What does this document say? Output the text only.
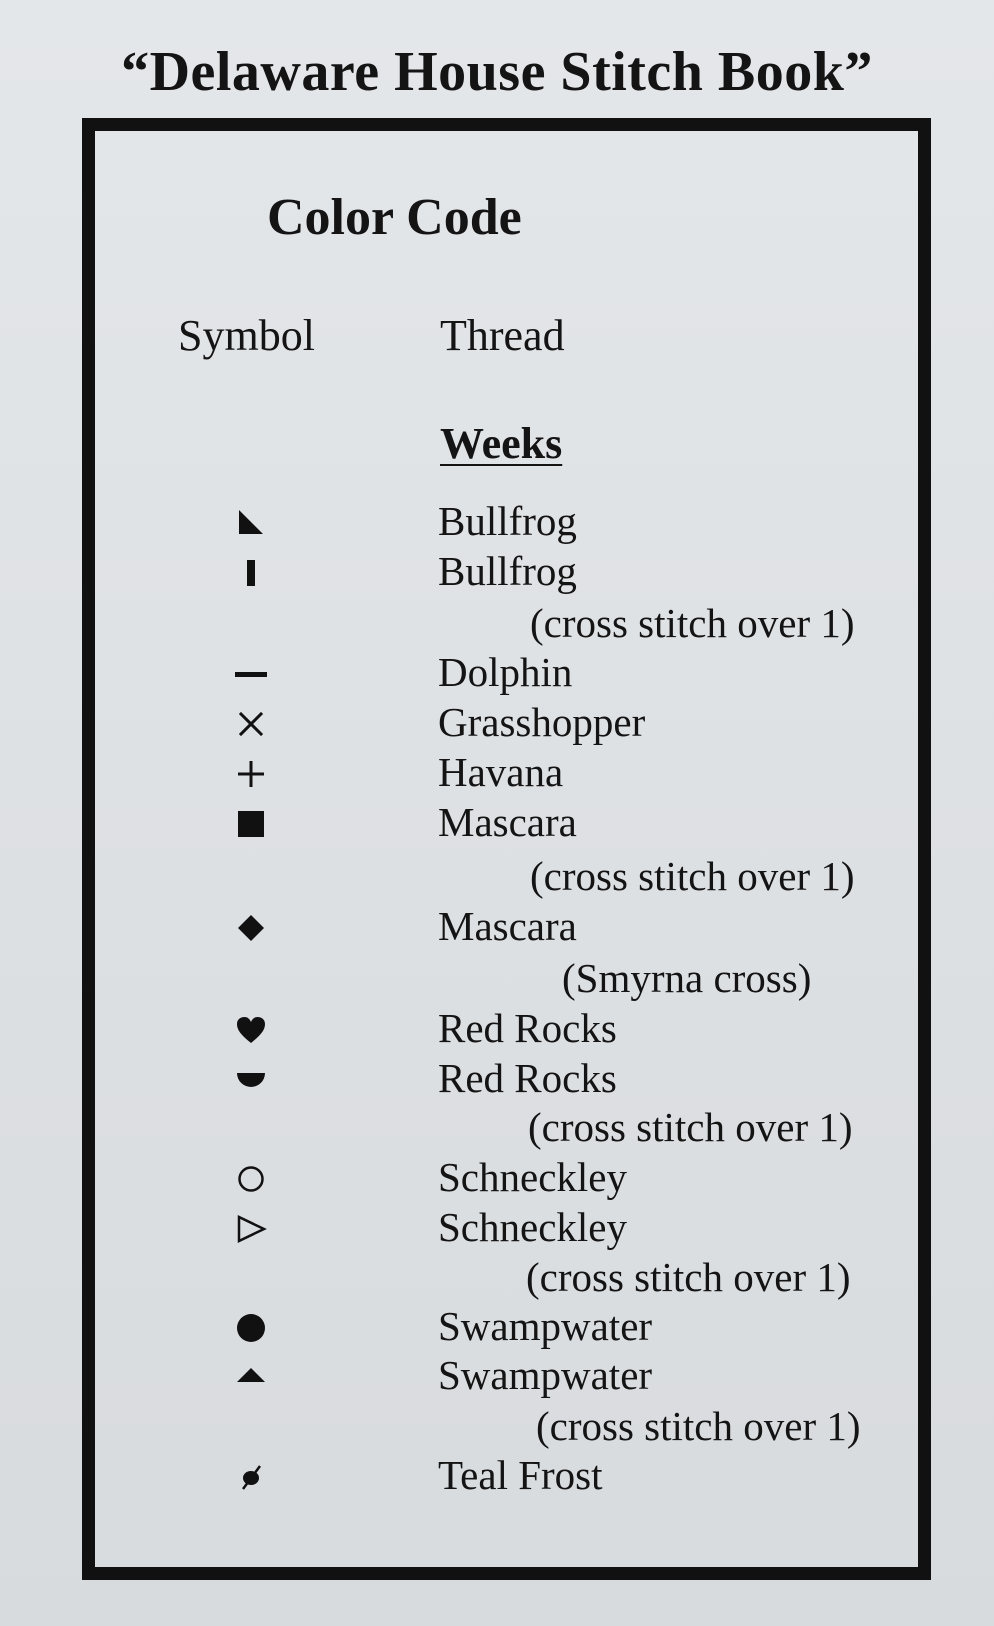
“Delaware House Stitch Book”
Color Code
Symbol	Thread
Weeks
Bullfrog
Bullfrog
(cross stitch over 1)
Dolphin
Grasshopper
Havana
Mascara
(cross stitch over 1)
Mascara
(Smyrna cross)
Red Rocks
Red Rocks
(cross stitch over 1)
Schneckley
Schneckley
(cross stitch over 1)
Swampwater
Swampwater
(cross stitch over 1)
Teal Frost
